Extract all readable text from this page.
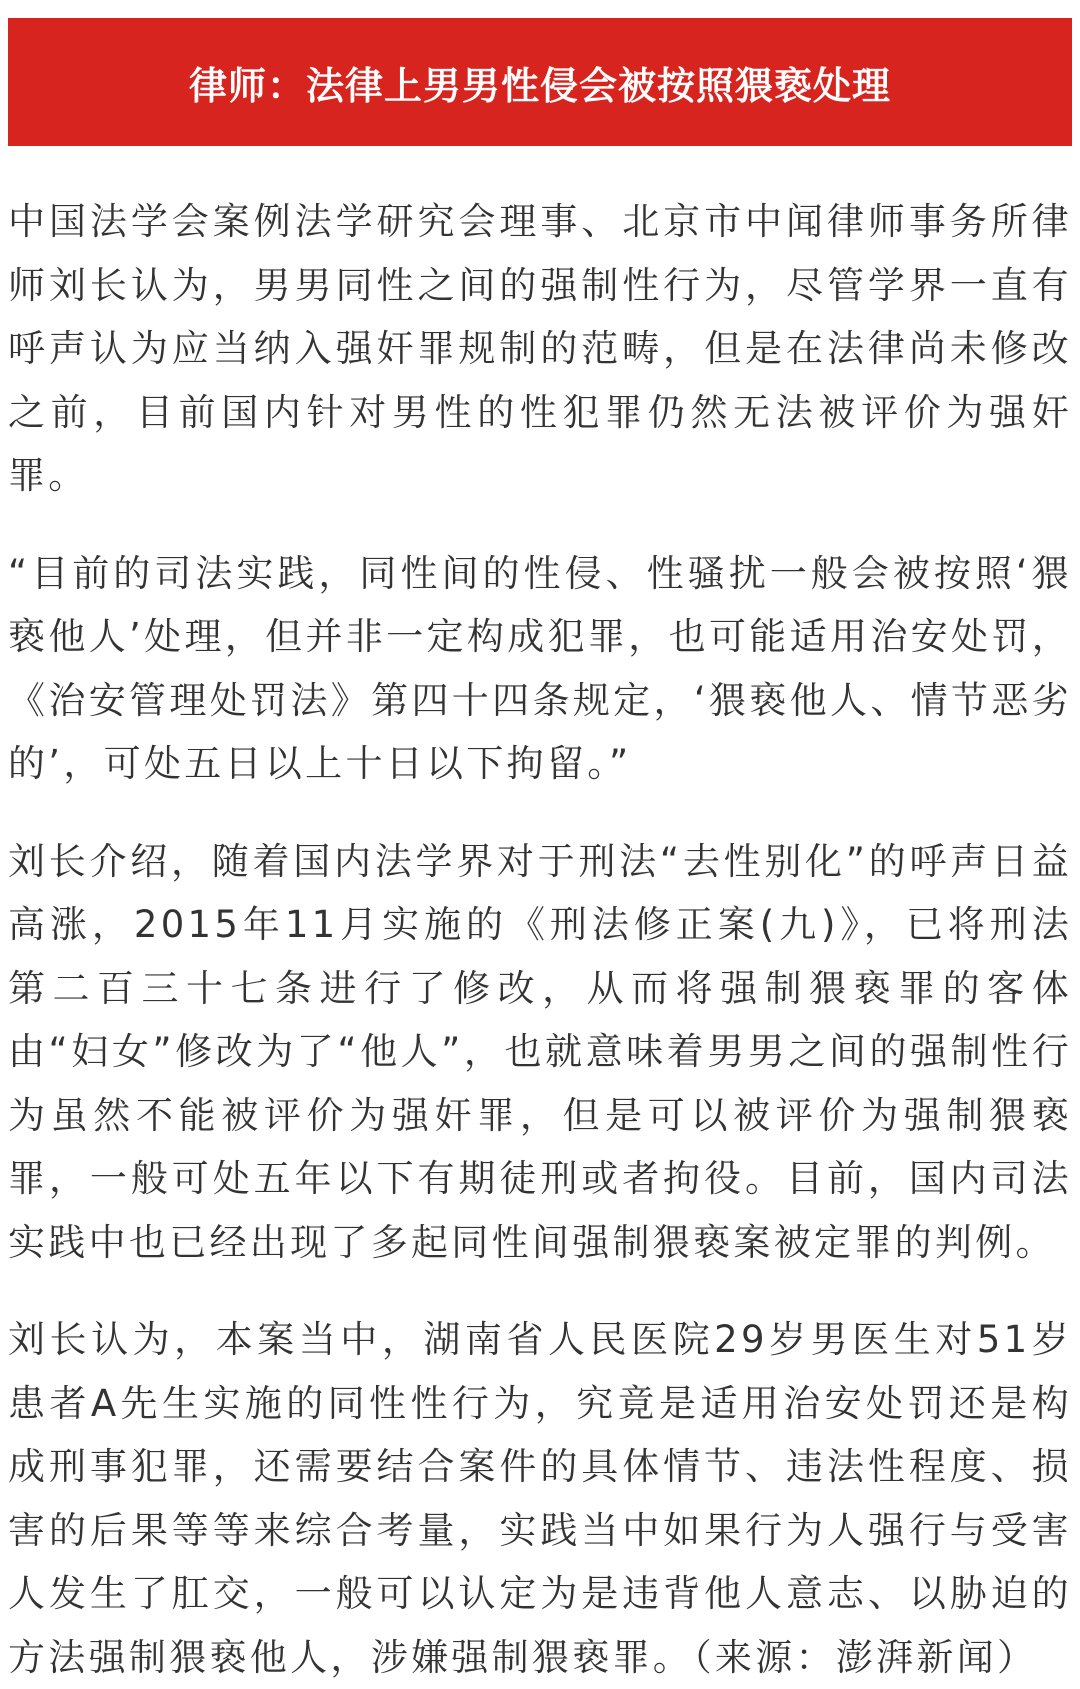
律师：法律上男男性侵会被按照猥亵处理

中国法学会案例法学研究会理事、北京市中闻律师事务所律师刘长认为，男男同性之间的强制性行为，尽管学界一直有呼声认为应当纳入强奸罪规制的范畴，但是在法律尚未修改之前，目前国内针对男性的性犯罪仍然无法被评价为强奸罪。

“目前的司法实践，同性间的性侵、性骚扰一般会被按照‘猥亵他人’处理，但并非一定构成犯罪，也可能适用治安处罚，《治安管理处罚法》第四十四条规定，‘猥亵他人、情节恶劣的’，可处五日以上十日以下拘留。”

刘长介绍，随着国内法学界对于刑法“去性别化”的呼声日益高涨，2015年11月实施的《刑法修正案(九)》，已将刑法第二百三十七条进行了修改，从而将强制猥亵罪的客体由“妇女”修改为了“他人”，也就意味着男男之间的强制性行为虽然不能被评价为强奸罪，但是可以被评价为强制猥亵罪，一般可处五年以下有期徒刑或者拘役。目前，国内司法实践中也已经出现了多起同性间强制猥亵案被定罪的判例。

刘长认为，本案当中，湖南省人民医院29岁男医生对51岁患者A先生实施的同性性行为，究竟是适用治安处罚还是构成刑事犯罪，还需要结合案件的具体情节、违法性程度、损害的后果等等来综合考量，实践当中如果行为人强行与受害人发生了肛交，一般可以认定为是违背他人意志、以胁迫的方法强制猥亵他人，涉嫌强制猥亵罪。（来源：澎湃新闻）
